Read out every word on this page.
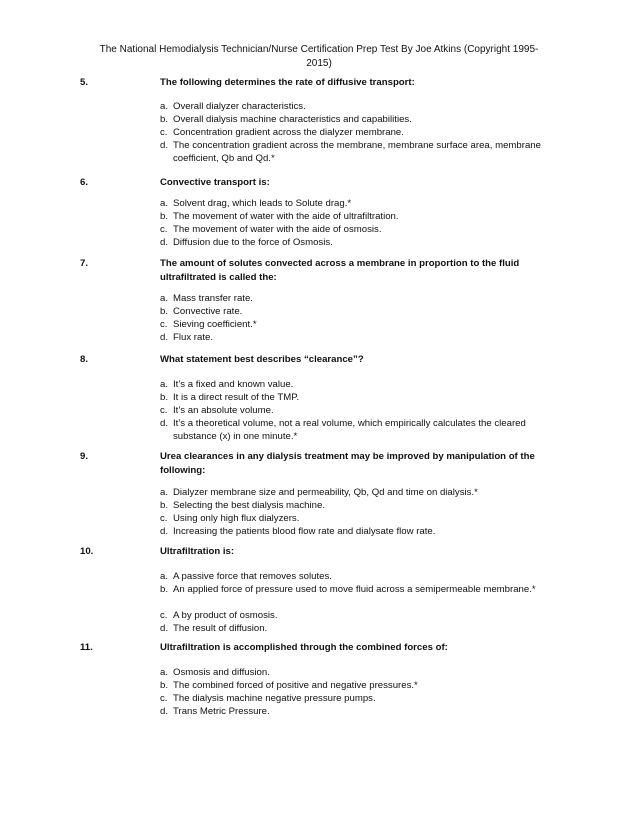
The National Hemodialysis Technician/Nurse Certification Prep Test By Joe Atkins (Copyright 1995-
2015)
5.	The following determines the rate of diffusive transport:
a. Overall dialyzer characteristics.
b. Overall dialysis machine characteristics and capabilities.
c. Concentration gradient across the dialyzer membrane.
d. The concentration gradient across the membrane, membrane surface area, membrane coefficient, Qb and Qd.*
6.	Convective transport is:
a. Solvent drag, which leads to Solute drag.*
b. The movement of water with the aide of ultrafiltration.
c. The movement of water with the aide of osmosis.
d. Diffusion due to the force of Osmosis.
7.	The amount of solutes convected across a membrane in proportion to the fluid ultrafiltrated is called the:
a. Mass transfer rate.
b. Convective rate.
c. Sieving coefficient.*
d. Flux rate.
8.	What statement best describes “clearance”?
a. It’s a fixed and known value.
b. It is a direct result of the TMP.
c. It’s an absolute volume.
d. It’s a theoretical volume, not a real volume, which empirically calculates the cleared substance (x) in one minute.*
9.	Urea clearances in any dialysis treatment may be improved by manipulation of the following:
a. Dialyzer membrane size and permeability, Qb, Qd and time on dialysis.*
b. Selecting the best dialysis machine.
c. Using only high flux dialyzers.
d. Increasing the patients blood flow rate and dialysate flow rate.
10.	Ultrafiltration is:
a. A passive force that removes solutes.
b. An applied force of pressure used to move fluid across a semipermeable membrane.*
c. A by product of osmosis.
d. The result of diffusion.
11.	Ultrafiltration is accomplished through the combined forces of:
a. Osmosis and diffusion.
b. The combined forced of positive and negative pressures.*
c. The dialysis machine negative pressure pumps.
d. Trans Metric Pressure.
